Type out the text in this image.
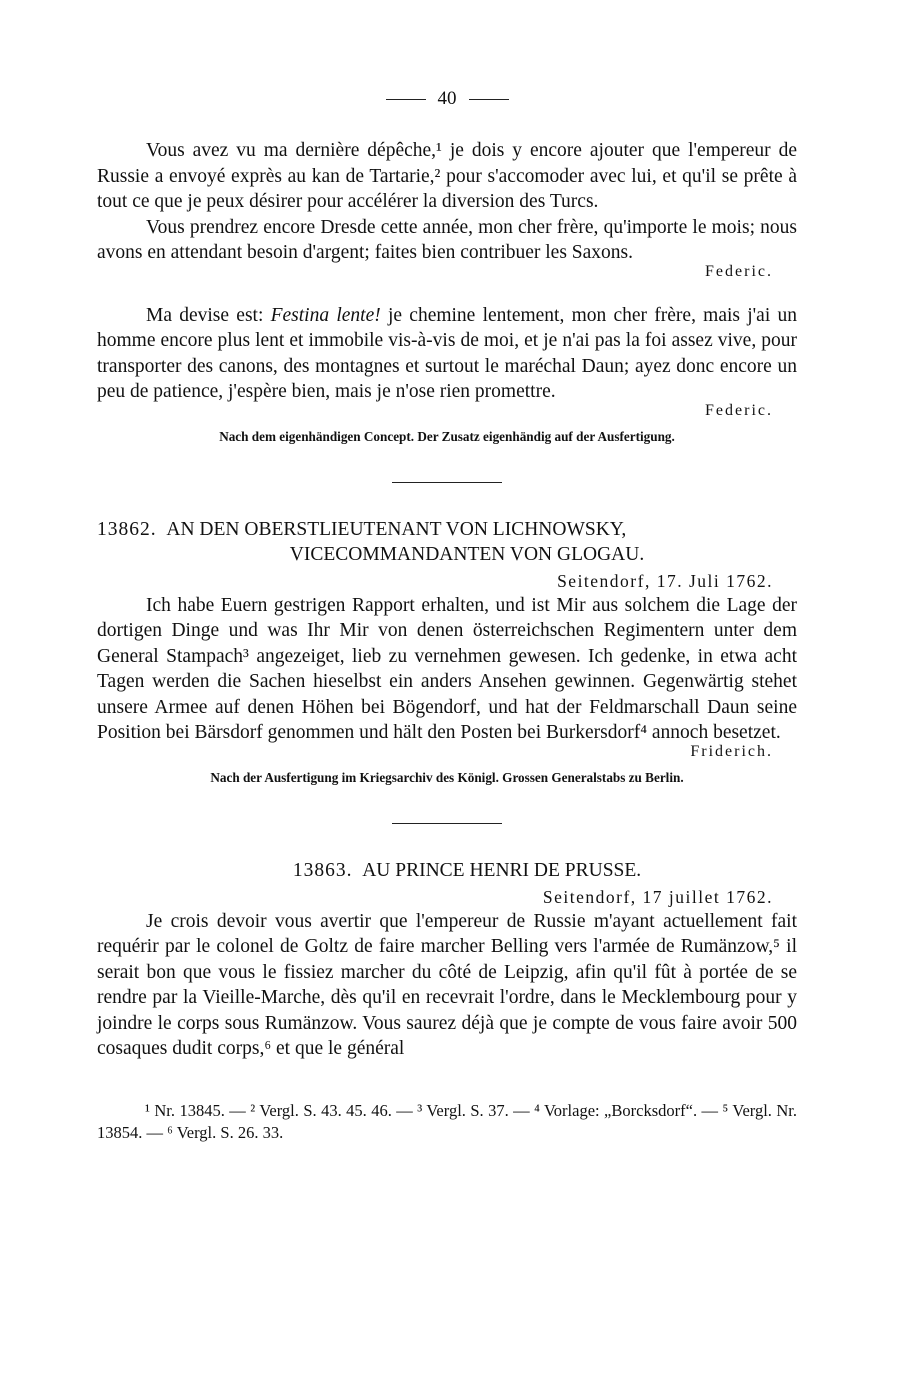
40

Vous avez vu ma dernière dépêche,¹ je dois y encore ajouter que l'empereur de Russie a envoyé exprès au kan de Tartarie,² pour s'accomoder avec lui, et qu'il se prête à tout ce que je peux désirer pour accélérer la diversion des Turcs.

Vous prendrez encore Dresde cette année, mon cher frère, qu'importe le mois; nous avons en attendant besoin d'argent; faites bien contribuer les Saxons.

Federic.

Ma devise est: Festina lente! je chemine lentement, mon cher frère, mais j'ai un homme encore plus lent et immobile vis-à-vis de moi, et je n'ai pas la foi assez vive, pour transporter des canons, des montagnes et surtout le maréchal Daun; ayez donc encore un peu de patience, j'espère bien, mais je n'ose rien promettre.

Federic.
Nach dem eigenhändigen Concept. Der Zusatz eigenhändig auf der Ausfertigung.
13862. AN DEN OBERSTLIEUTENANT VON LICHNOWSKY,
VICECOMMANDANTEN VON GLOGAU.
Seitendorf, 17. Juli 1762.

Ich habe Euern gestrigen Rapport erhalten, und ist Mir aus solchem die Lage der dortigen Dinge und was Ihr Mir von denen österreichschen Regimentern unter dem General Stampach³ angezeiget, lieb zu vernehmen gewesen. Ich gedenke, in etwa acht Tagen werden die Sachen hieselbst ein anders Ansehen gewinnen. Gegenwärtig stehet unsere Armee auf denen Höhen bei Bögendorf, und hat der Feldmarschall Daun seine Position bei Bärsdorf genommen und hält den Posten bei Burkersdorf⁴ annoch besetzet.

Friderich.
Nach der Ausfertigung im Kriegsarchiv des Königl. Grossen Generalstabs zu Berlin.
13863. AU PRINCE HENRI DE PRUSSE.
Seitendorf, 17 juillet 1762.

Je crois devoir vous avertir que l'empereur de Russie m'ayant actuellement fait requérir par le colonel de Goltz de faire marcher Belling vers l'armée de Rumänzow,⁵ il serait bon que vous le fissiez marcher du côté de Leipzig, afin qu'il fût à portée de se rendre par la Vieille-Marche, dès qu'il en recevrait l'ordre, dans le Mecklembourg pour y joindre le corps sous Rumänzow. Vous saurez déjà que je compte de vous faire avoir 500 cosaques dudit corps,⁶ et que le général

¹ Nr. 13845. — ² Vergl. S. 43. 45. 46. — ³ Vergl. S. 37. — ⁴ Vorlage: „Borcksdorf“. — ⁵ Vergl. Nr. 13854. — ⁶ Vergl. S. 26. 33.
